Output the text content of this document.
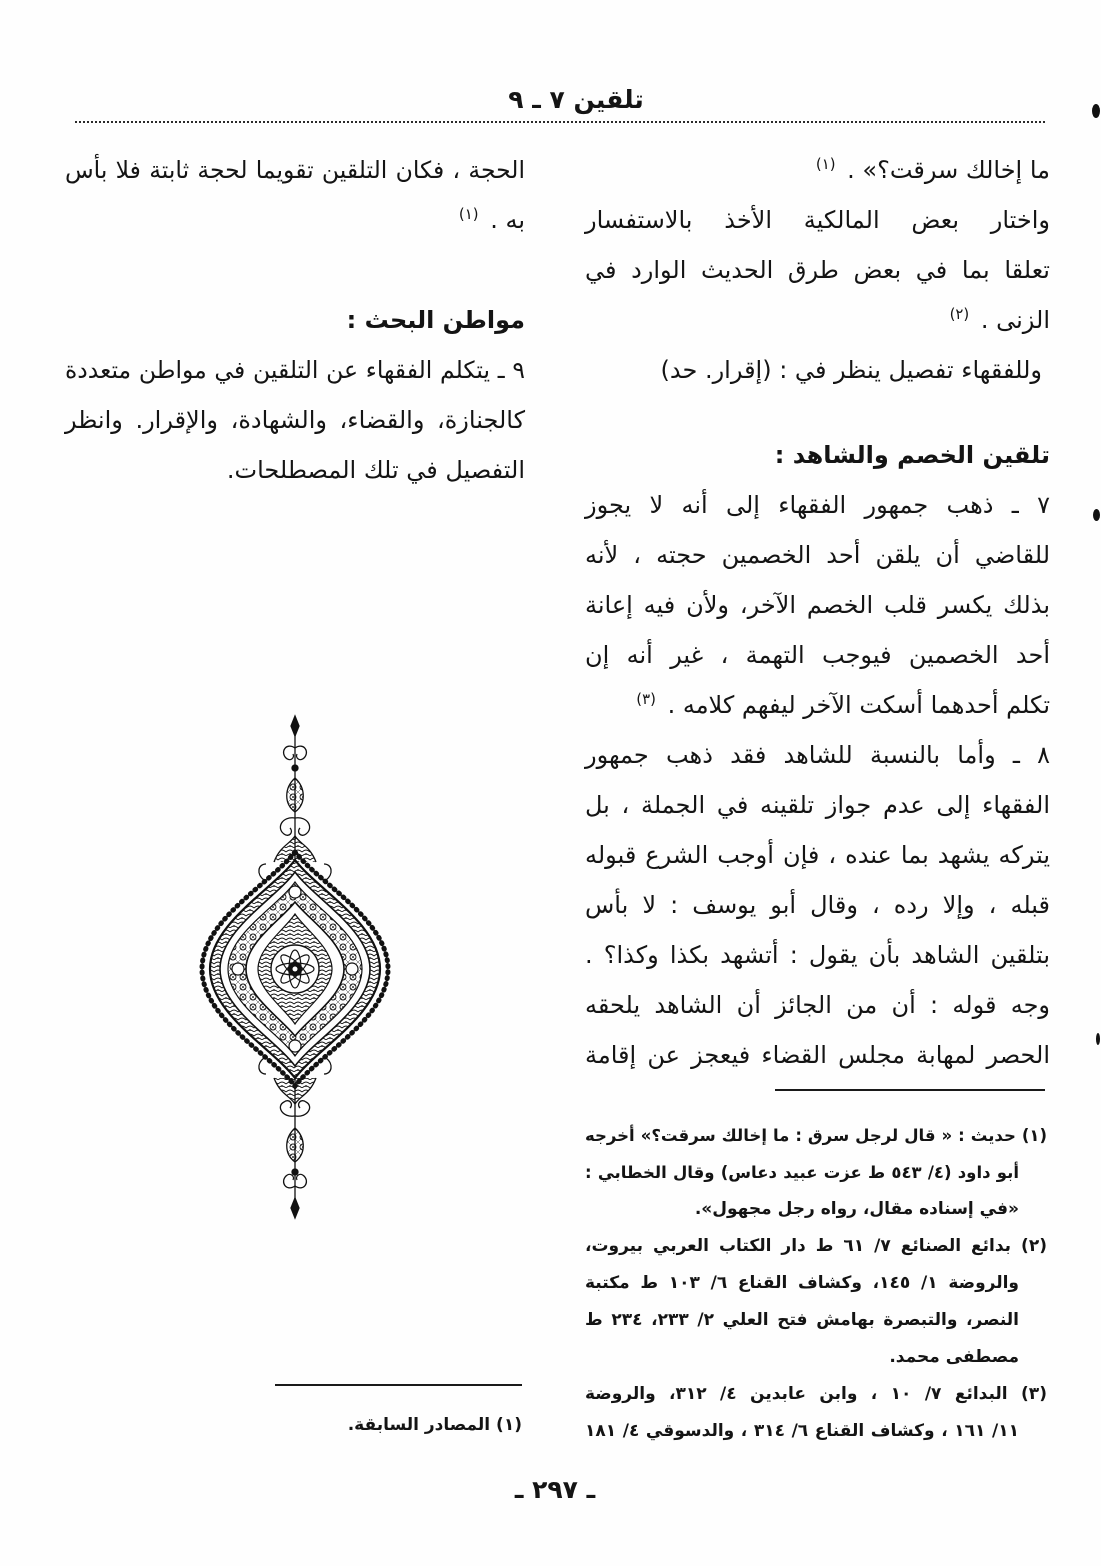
تلقين ٧ ـ ٩
ما إخالك سرقت؟» . $^{(١)}$
واختار بعض المالكية الأخذ بالاستفسار
تعلقا بما في بعض طرق الحديث الوارد في
الزنى . $^{(٢)}$
وللفقهاء تفصيل ينظر في : (إقرار. حد)
تلقين الخصم والشاهد :
٧ ـ ذهب جمهور الفقهاء إلى أنه لا يجوز
للقاضي أن يلقن أحد الخصمين حجته ، لأنه
بذلك يكسر قلب الخصم الآخر، ولأن فيه إعانة
أحد الخصمين فيوجب التهمة ، غير أنه إن
تكلم أحدهما أسكت الآخر ليفهم كلامه . $^{(٣)}$
٨ ـ وأما بالنسبة للشاهد فقد ذهب جمهور
الفقهاء إلى عدم جواز تلقينه في الجملة ، بل
يتركه يشهد بما عنده ، فإن أوجب الشرع قبوله
قبله ، وإلا رده ، وقال أبو يوسف : لا بأس
بتلقين الشاهد بأن يقول : أتشهد بكذا وكذا؟ .
وجه قوله : أن من الجائز أن الشاهد يلحقه
الحصر لمهابة مجلس القضاء فيعجز عن إقامة
(١) حديث : « قال لرجل سرق : ما إخالك سرقت؟» أخرجه
أبو داود (٤/ ٥٤٣ ط عزت عبيد دعاس) وقال الخطابي :
«في إسناده مقال، رواه رجل مجهول».
(٢) بدائع الصنائع ٧/ ٦١ ط دار الكتاب العربي بيروت،
والروضة ١/ ١٤٥، وكشاف القناع ٦/ ١٠٣ ط مكتبة
النصر، والتبصرة بهامش فتح العلي ٢/ ٢٣٣، ٢٣٤ ط
مصطفى محمد.
(٣) البدائع ٧/ ١٠ ، وابن عابدين ٤/ ٣١٢، والروضة
١١/ ١٦١ ، وكشاف القناع ٦/ ٣١٤ ، والدسوقي ٤/ ١٨١
الحجة ، فكان التلقين تقويما لحجة ثابتة فلا بأس
به . $^{(١)}$
مواطن البحث :
٩ ـ يتكلم الفقهاء عن التلقين في مواطن متعددة
كالجنازة، والقضاء، والشهادة، والإقرار. وانظر
التفصيل في تلك المصطلحات.
(١) المصادر السابقة.
ـ ٢٩٧ ـ
